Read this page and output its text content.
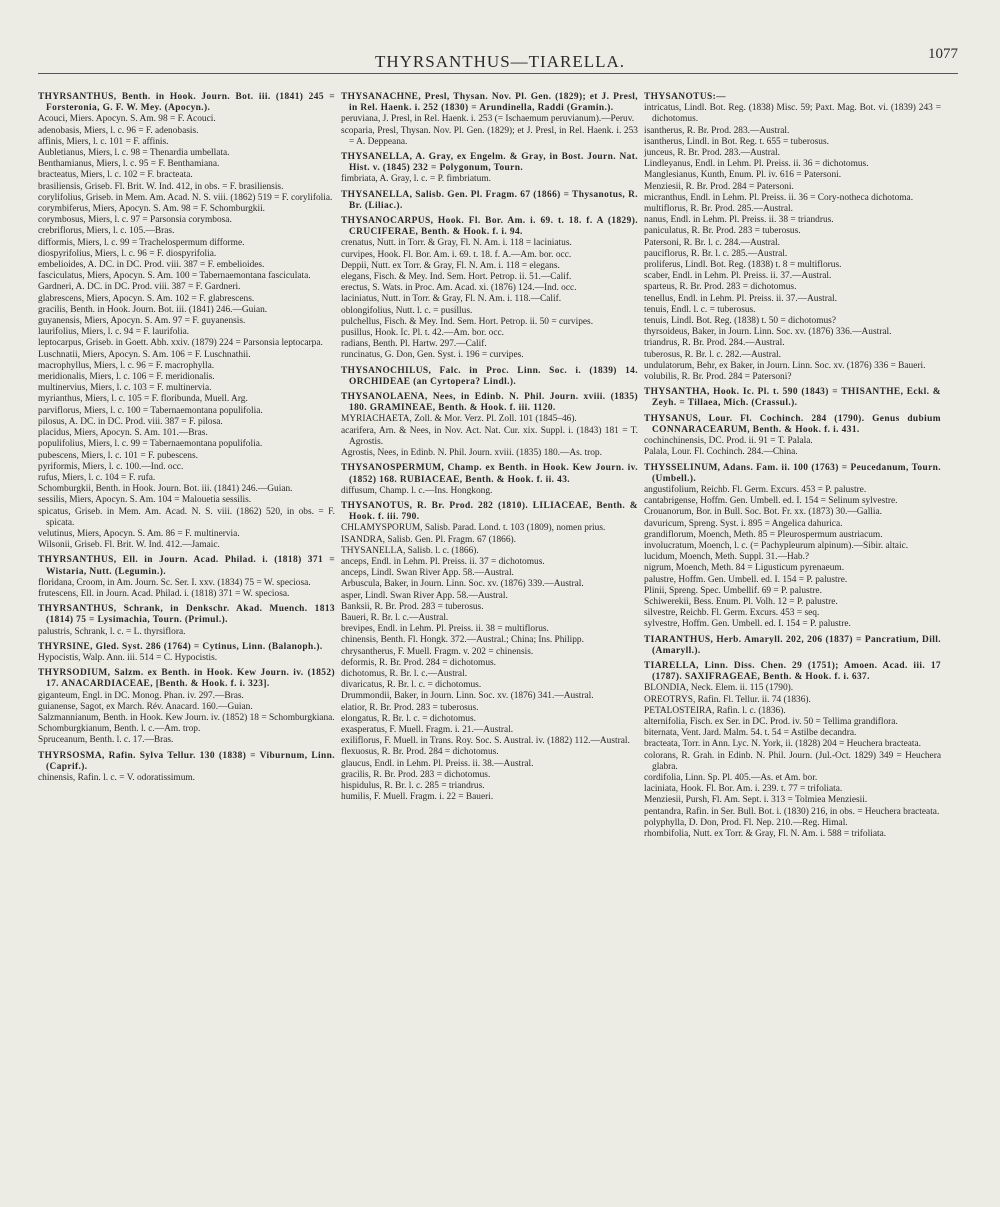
THYRSANTHUS—TIARELLA.	1077
THYRSANTHUS, Benth. in Hook. Journ. Bot. iii. (1841) 245 = Forsteronia, G. F. W. Mey. (Apocyn.).
Acouci, Miers. Apocyn. S. Am. 98 = F. Acouci.
adenobasis, Miers, l. c. 96 = F. adenobasis.
affinis, Miers, l. c. 101 = F. affinis.
Aubletianus, Miers, l. c. 98 = Thenardia umbellata.
Benthamianus, Miers, l. c. 95 = F. Benthamiana.
bracteatus, Miers, l. c. 102 = F. bracteata.
brasiliensis, Griseb. Fl. Brit. W. Ind. 412, in obs. = F. brasiliensis.
corylifolius, Griseb. in Mem. Am. Acad. N. S. viii. (1862) 519 = F. corylifolia.
corymbiferus, Miers, Apocyn. S. Am. 98 = F. Schomburgkii.
corymbosus, Miers, l. c. 97 = Parsonsia corymbosa.
crebriflorus, Miers, l. c. 105.—Bras.
difformis, Miers, l. c. 99 = Trachelospermum difforme.
diospyrifolius, Miers, l. c. 96 = F. diospyrifolia.
embelioides, A. DC. in DC. Prod. viii. 387 = F. embelioides.
fasciculatus, Miers, Apocyn. S. Am. 100 = Tabernaemontana fasciculata.
Gardneri, A. DC. in DC. Prod. viii. 387 = F. Gardneri.
glabrescens, Miers, Apocyn. S. Am. 102 = F. glabrescens.
gracilis, Benth. in Hook. Journ. Bot. iii. (1841) 246.—Guian.
guyanensis, Miers, Apocyn. S. Am. 97 = F. guyanensis.
laurifolius, Miers, l. c. 94 = F. laurifolia.
leptocarpus, Griseb. in Goett. Abh. xxiv. (1879) 224 = Parsonsia leptocarpa.
Luschnatii, Miers, Apocyn. S. Am. 106 = F. Luschnathii.
macrophyllus, Miers, l. c. 96 = F. macrophylla.
meridionalis, Miers, l. c. 106 = F. meridionalis.
multinervius, Miers, l. c. 103 = F. multinervia.
myrianthus, Miers, l. c. 105 = F. floribunda, Muell. Arg.
parviflorus, Miers, l. c. 100 = Tabernaemontana populifolia.
pilosus, A. DC. in DC. Prod. viii. 387 = F. pilosa.
placidus, Miers, Apocyn. S. Am. 101.—Bras.
populifolius, Miers, l. c. 99 = Tabernaemontana populifolia.
pubescens, Miers, l. c. 101 = F. pubescens.
pyriformis, Miers, l. c. 100.—Ind. occ.
rufus, Miers, l. c. 104 = F. rufa.
Schomburgkii, Benth. in Hook. Journ. Bot. iii. (1841) 246.—Guian.
sessilis, Miers, Apocyn. S. Am. 104 = Malouetia sessilis.
spicatus, Griseb. in Mem. Am. Acad. N. S. viii. (1862) 520, in obs. = F. spicata.
velutinus, Miers, Apocyn. S. Am. 86 = F. multinervia.
Wilsonii, Griseb. Fl. Brit. W. Ind. 412.—Jamaic.
THYRSANTHUS, Ell. in Journ. Acad. Philad. i. (1818) 371 = Wistaria, Nutt. (Legumin.).
floridana, Croom, in Am. Journ. Sc. Ser. I. xxv. (1834) 75 = W. speciosa.
frutescens, Ell. in Journ. Acad. Philad. i. (1818) 371 = W. speciosa.
THYRSANTHUS, Schrank, in Denkschr. Akad. Muench. 1813 (1814) 75 = Lysimachia, Tourn. (Primul.).
palustris, Schrank, l. c. = L. thyrsiflora.
THYRSINE, Gled. Syst. 286 (1764) = Cytinus, Linn. (Balanoph.).
Hypocistis, Walp. Ann. iii. 514 = C. Hypocistis.
THYRSODIUM, Salzm. ex Benth. in Hook. Kew Journ. iv. (1852) 17. ANACARDIACEAE, [Benth. & Hook. f. i. 323].
giganteum, Engl. in DC. Monog. Phan. iv. 297.—Bras.
guianense, Sagot, ex March. Rév. Anacard. 160.—Guian.
Salzmannianum, Benth. in Hook. Kew Journ. iv. (1852) 18 = Schomburgkiana.
Schomburgkianum, Benth. l. c.—Am. trop.
Spruceanum, Benth. l. c. 17.—Bras.
THYRSOSMA, Rafin. Sylva Tellur. 130 (1838) = Viburnum, Linn. (Caprif.).
chinensis, Rafin. l. c. = V. odoratissimum.
THYSANACHNE, Presl, Thysan. Nov. Pl. Gen. (1829); et J. Presl, in Rel. Haenk. i. 252 (1830) = Arundinella, Raddi (Gramin.).
peruviana, J. Presl, in Rel. Haenk. i. 253 (= Ischaemum peruvianum).—Peruv.
scoparia, Presl, Thysan. Nov. Pl. Gen. (1829); et J. Presl, in Rel. Haenk. i. 253 = A. Deppeana.
THYSANELLA, A. Gray, ex Engelm. & Gray, in Bost. Journ. Nat. Hist. v. (1845) 232 = Polygonum, Tourn.
fimbriata, A. Gray, l. c. = P. fimbriatum.
THYSANELLA, Salisb. Gen. Pl. Fragm. 67 (1866) = Thysanotus, R. Br. (Liliac.).
THYSANOCARPUS, Hook. Fl. Bor. Am. i. 69. t. 18. f. A (1829). CRUCIFERAE, Benth. & Hook. f. i. 94.
crenatus, Nutt. in Torr. & Gray, Fl. N. Am. i. 118 = laciniatus.
curvipes, Hook. Fl. Bor. Am. i. 69. t. 18. f. A.—Am. bor. occ.
Deppii, Nutt. ex Torr. & Gray, Fl. N. Am. i. 118 = elegans.
elegans, Fisch. & Mey. Ind. Sem. Hort. Petrop. ii. 51.—Calif.
erectus, S. Wats. in Proc. Am. Acad. xi. (1876) 124.—Ind. occ.
laciniatus, Nutt. in Torr. & Gray, Fl. N. Am. i. 118.—Calif.
oblongifolius, Nutt. l. c. = pusillus.
pulchellus, Fisch. & Mey. Ind. Sem. Hort. Petrop. ii. 50 = curvipes.
pusillus, Hook. Ic. Pl. t. 42.—Am. bor. occ.
radians, Benth. Pl. Hartw. 297.—Calif.
runcinatus, G. Don, Gen. Syst. i. 196 = curvipes.
THYSANOCHILUS, Falc. in Proc. Linn. Soc. i. (1839) 14. ORCHIDEAE (an Cyrtopera? Lindl.).
THYSANOLAENA, Nees, in Edinb. N. Phil. Journ. xviii. (1835) 180. GRAMINEAE, Benth. & Hook. f. iii. 1120.
MYRIACHAETA, Zoll. & Mor. Verz. Pl. Zoll. 101 (1845–46).
acarifera, Arn. & Nees, in Nov. Act. Nat. Cur. xix. Suppl. i. (1843) 181 = T. Agrostis.
Agrostis, Nees, in Edinb. N. Phil. Journ. xviii. (1835) 180.—As. trop.
THYSANOSPERMUM, Champ. ex Benth. in Hook. Kew Journ. iv. (1852) 168. RUBIACEAE, Benth. & Hook. f. ii. 43.
diffusum, Champ. l. c.—Ins. Hongkong.
THYSANOTUS, R. Br. Prod. 282 (1810). LILIACEAE, Benth. & Hook. f. iii. 790.
CHLAMYSPORUM, Salisb. Parad. Lond. t. 103 (1809), nomen prius.
ISANDRA, Salisb. Gen. Pl. Fragm. 67 (1866).
THYSANELLA, Salisb. l. c. (1866).
anceps, Endl. in Lehm. Pl. Preiss. ii. 37 = dichotomus.
anceps, Lindl. Swan River App. 58.—Austral.
Arbuscula, Baker, in Journ. Linn. Soc. xv. (1876) 339.—Austral.
asper, Lindl. Swan River App. 58.—Austral.
Banksii, R. Br. Prod. 283 = tuberosus.
Baueri, R. Br. l. c.—Austral.
brevipes, Endl. in Lehm. Pl. Preiss. ii. 38 = multiflorus.
chinensis, Benth. Fl. Hongk. 372.—Austral.; China; Ins. Philipp.
chrysantherus, F. Muell. Fragm. v. 202 = chinensis.
deformis, R. Br. Prod. 284 = dichotomus.
dichotomus, R. Br. l. c.—Austral.
divaricatus, R. Br. l. c. = dichotomus.
Drummondii, Baker, in Journ. Linn. Soc. xv. (1876) 341.—Austral.
elatior, R. Br. Prod. 283 = tuberosus.
elongatus, R. Br. l. c. = dichotomus.
exasperatus, F. Muell. Fragm. i. 21.—Austral.
exiliflorus, F. Muell. in Trans. Roy. Soc. S. Austral. iv. (1882) 112.—Austral.
flexuosus, R. Br. Prod. 284 = dichotomus.
glaucus, Endl. in Lehm. Pl. Preiss. ii. 38.—Austral.
gracilis, R. Br. Prod. 283 = dichotomus.
hispidulus, R. Br. l. c. 285 = triandrus.
humilis, F. Muell. Fragm. i. 22 = Baueri.
THYSANOTUS:—
intricatus, Lindl. Bot. Reg. (1838) Misc. 59; Paxt. Mag. Bot. vi. (1839) 243 = dichotomus.
isantherus, R. Br. Prod. 283.—Austral.
isantherus, Lindl. in Bot. Reg. t. 655 = tuberosus.
junceus, R. Br. Prod. 283.—Austral.
Lindleyanus, Endl. in Lehm. Pl. Preiss. ii. 36 = dichotomus.
Manglesianus, Kunth, Enum. Pl. iv. 616 = Patersoni.
Menziesii, R. Br. Prod. 284 = Patersoni.
micranthus, Endl. in Lehm. Pl. Preiss. ii. 36 = Cory-notheca dichotoma.
multiflorus, R. Br. Prod. 285.—Austral.
nanus, Endl. in Lehm. Pl. Preiss. ii. 38 = triandrus.
paniculatus, R. Br. Prod. 283 = tuberosus.
Patersoni, R. Br. l. c. 284.—Austral.
pauciflorus, R. Br. l. c. 285.—Austral.
proliferus, Lindl. Bot. Reg. (1838) t. 8 = multiflorus.
scaber, Endl. in Lehm. Pl. Preiss. ii. 37.—Austral.
sparteus, R. Br. Prod. 283 = dichotomus.
tenellus, Endl. in Lehm. Pl. Preiss. ii. 37.—Austral.
tenuis, Endl. l. c. = tuberosus.
tenuis, Lindl. Bot. Reg. (1838) t. 50 = dichotomus?
thyrsoideus, Baker, in Journ. Linn. Soc. xv. (1876) 336.—Austral.
triandrus, R. Br. Prod. 284.—Austral.
tuberosus, R. Br. l. c. 282.—Austral.
undulatorum, Behr, ex Baker, in Journ. Linn. Soc. xv. (1876) 336 = Baueri.
volubilis, R. Br. Prod. 284 = Patersoni?
THYSANTHA, Hook. Ic. Pl. t. 590 (1843) = THISANTHE, Eckl. & Zeyh. = Tillaea, Mich. (Crassul.).
THYSANUS, Lour. Fl. Cochinch. 284 (1790). Genus dubium CONNARACEARUM, Benth. & Hook. f. i. 431.
cochinchinensis, DC. Prod. ii. 91 = T. Palala.
Palala, Lour. Fl. Cochinch. 284.—China.
THYSSELINUM, Adans. Fam. ii. 100 (1763) = Peucedanum, Tourn. (Umbell.).
angustifolium, Reichb. Fl. Germ. Excurs. 453 = P. palustre.
cantabrigense, Hoffm. Gen. Umbell. ed. I. 154 = Selinum sylvestre.
Crouanorum, Bor. in Bull. Soc. Bot. Fr. xx. (1873) 30.—Gallia.
davuricum, Spreng. Syst. i. 895 = Angelica dahurica.
grandiflorum, Moench, Meth. 85 = Pleurospermum austriacum.
involucratum, Moench, l. c. (= Pachypleurum alpinum).—Sibir. altaic.
lucidum, Moench, Meth. Suppl. 31.—Hab.?
nigrum, Moench, Meth. 84 = Ligusticum pyrenaeum.
palustre, Hoffm. Gen. Umbell. ed. I. 154 = P. palustre.
Plinii, Spreng. Spec. Umbellif. 69 = P. palustre.
Schiwerekii, Bess. Enum. Pl. Volh. 12 = P. palustre.
silvestre, Reichb. Fl. Germ. Excurs. 453 = seq.
sylvestre, Hoffm. Gen. Umbell. ed. I. 154 = P. palustre.
TIARANTHUS, Herb. Amaryll. 202, 206 (1837) = Pancratium, Dill. (Amaryll.).
TIARELLA, Linn. Diss. Chen. 29 (1751); Amoen. Acad. iii. 17 (1787). SAXIFRAGEAE, Benth. & Hook. f. i. 637.
BLONDIA, Neck. Elem. ii. 115 (1790).
OREOTRYS, Rafin. Fl. Tellur. ii. 74 (1836).
PETALOSTEIRA, Rafin. l. c. (1836).
alternifolia, Fisch. ex Ser. in DC. Prod. iv. 50 = Tellima grandiflora.
biternata, Vent. Jard. Malm. 54. t. 54 = Astilbe decandra.
bracteata, Torr. in Ann. Lyc. N. York, ii. (1828) 204 = Heuchera bracteata.
colorans, R. Grah. in Edinb. N. Phil. Journ. (Jul.-Oct. 1829) 349 = Heuchera glabra.
cordifolia, Linn. Sp. Pl. 405.—As. et Am. bor.
laciniata, Hook. Fl. Bor. Am. i. 239. t. 77 = trifoliata.
Menziesii, Pursh, Fl. Am. Sept. i. 313 = Tolmiea Menziesii.
pentandra, Rafin. in Ser. Bull. Bot. i. (1830) 216, in obs. = Heuchera bracteata.
polyphylla, D. Don, Prod. Fl. Nep. 210.—Reg. Himal.
rhombifolia, Nutt. ex Torr. & Gray, Fl. N. Am. i. 588 = trifoliata.
